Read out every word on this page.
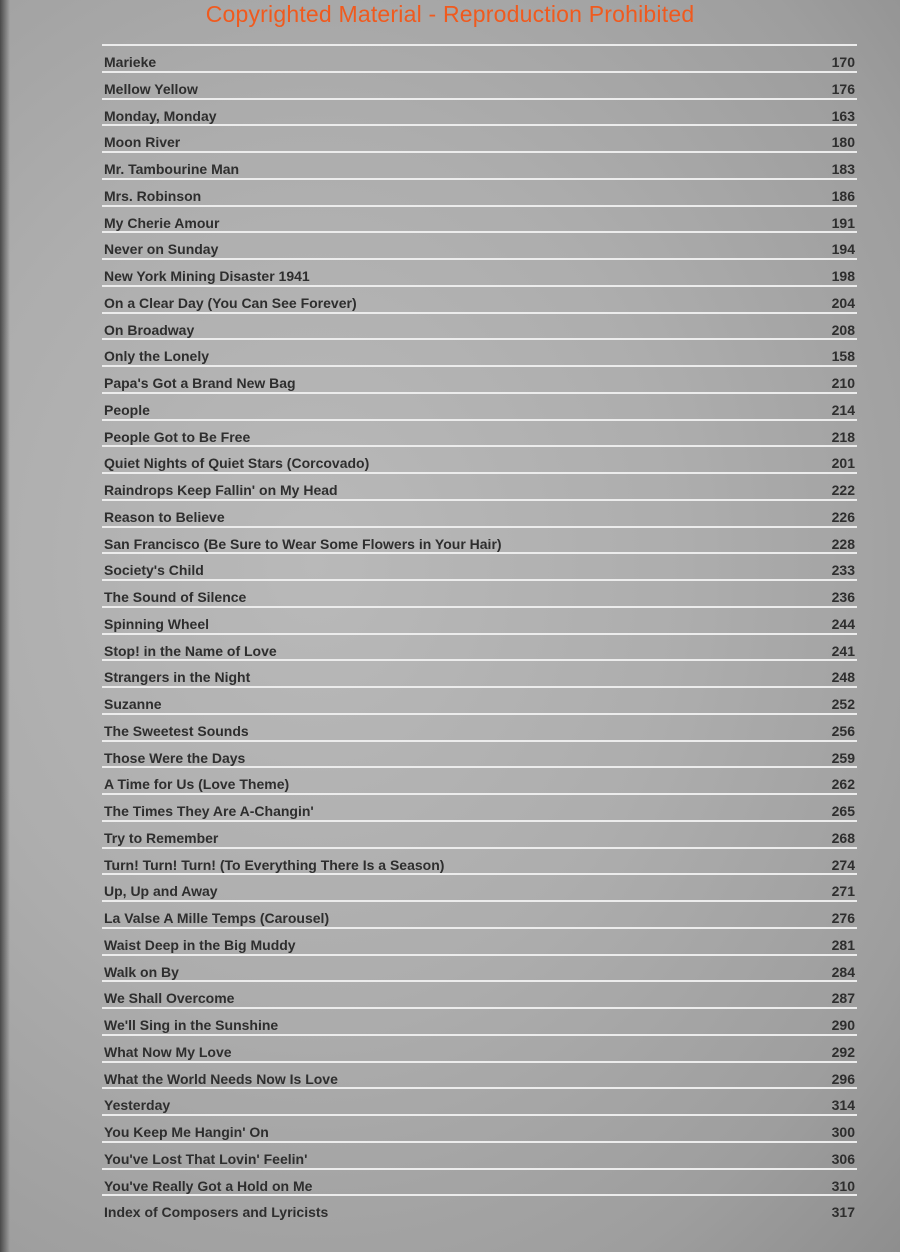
Copyrighted Material - Reproduction Prohibited
Marieke	170
Mellow Yellow	176
Monday, Monday	163
Moon River	180
Mr. Tambourine Man	183
Mrs. Robinson	186
My Cherie Amour	191
Never on Sunday	194
New York Mining Disaster 1941	198
On a Clear Day (You Can See Forever)	204
On Broadway	208
Only the Lonely	158
Papa's Got a Brand New Bag	210
People	214
People Got to Be Free	218
Quiet Nights of Quiet Stars (Corcovado)	201
Raindrops Keep Fallin' on My Head	222
Reason to Believe	226
San Francisco (Be Sure to Wear Some Flowers in Your Hair)	228
Society's Child	233
The Sound of Silence	236
Spinning Wheel	244
Stop! in the Name of Love	241
Strangers in the Night	248
Suzanne	252
The Sweetest Sounds	256
Those Were the Days	259
A Time for Us (Love Theme)	262
The Times They Are A-Changin'	265
Try to Remember	268
Turn! Turn! Turn! (To Everything There Is a Season)	274
Up, Up and Away	271
La Valse A Mille Temps (Carousel)	276
Waist Deep in the Big Muddy	281
Walk on By	284
We Shall Overcome	287
We'll Sing in the Sunshine	290
What Now My Love	292
What the World Needs Now Is Love	296
Yesterday	314
You Keep Me Hangin' On	300
You've Lost That Lovin' Feelin'	306
You've Really Got a Hold on Me	310
Index of Composers and Lyricists	317
